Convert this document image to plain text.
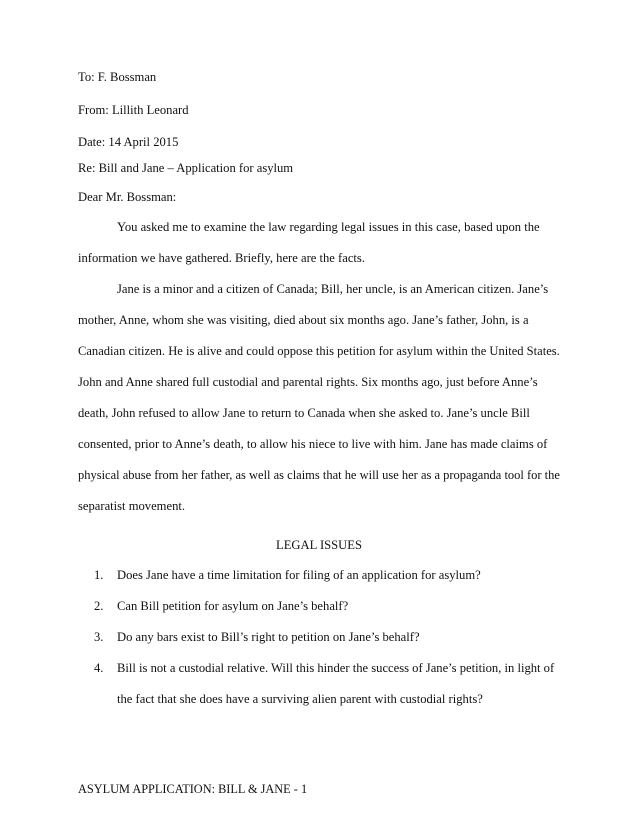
To: F. Bossman
From: Lillith Leonard
Date: 14 April 2015
Re: Bill and Jane – Application for asylum
Dear Mr. Bossman:
You asked me to examine the law regarding legal issues in this case, based upon the
information we have gathered. Briefly, here are the facts.
Jane is a minor and a citizen of Canada; Bill, her uncle, is an American citizen. Jane’s
mother, Anne, whom she was visiting, died about six months ago. Jane’s father, John, is a
Canadian citizen. He is alive and could oppose this petition for asylum within the United States.
John and Anne shared full custodial and parental rights. Six months ago, just before Anne’s
death, John refused to allow Jane to return to Canada when she asked to. Jane’s uncle Bill
consented, prior to Anne’s death, to allow his niece to live with him. Jane has made claims of
physical abuse from her father, as well as claims that he will use her as a propaganda tool for the
separatist movement.
LEGAL ISSUES
1. Does Jane have a time limitation for filing of an application for asylum?
2. Can Bill petition for asylum on Jane’s behalf?
3. Do any bars exist to Bill’s right to petition on Jane’s behalf?
4. Bill is not a custodial relative. Will this hinder the success of Jane’s petition, in light of
the fact that she does have a surviving alien parent with custodial rights?
ASYLUM APPLICATION: BILL & JANE - 1
